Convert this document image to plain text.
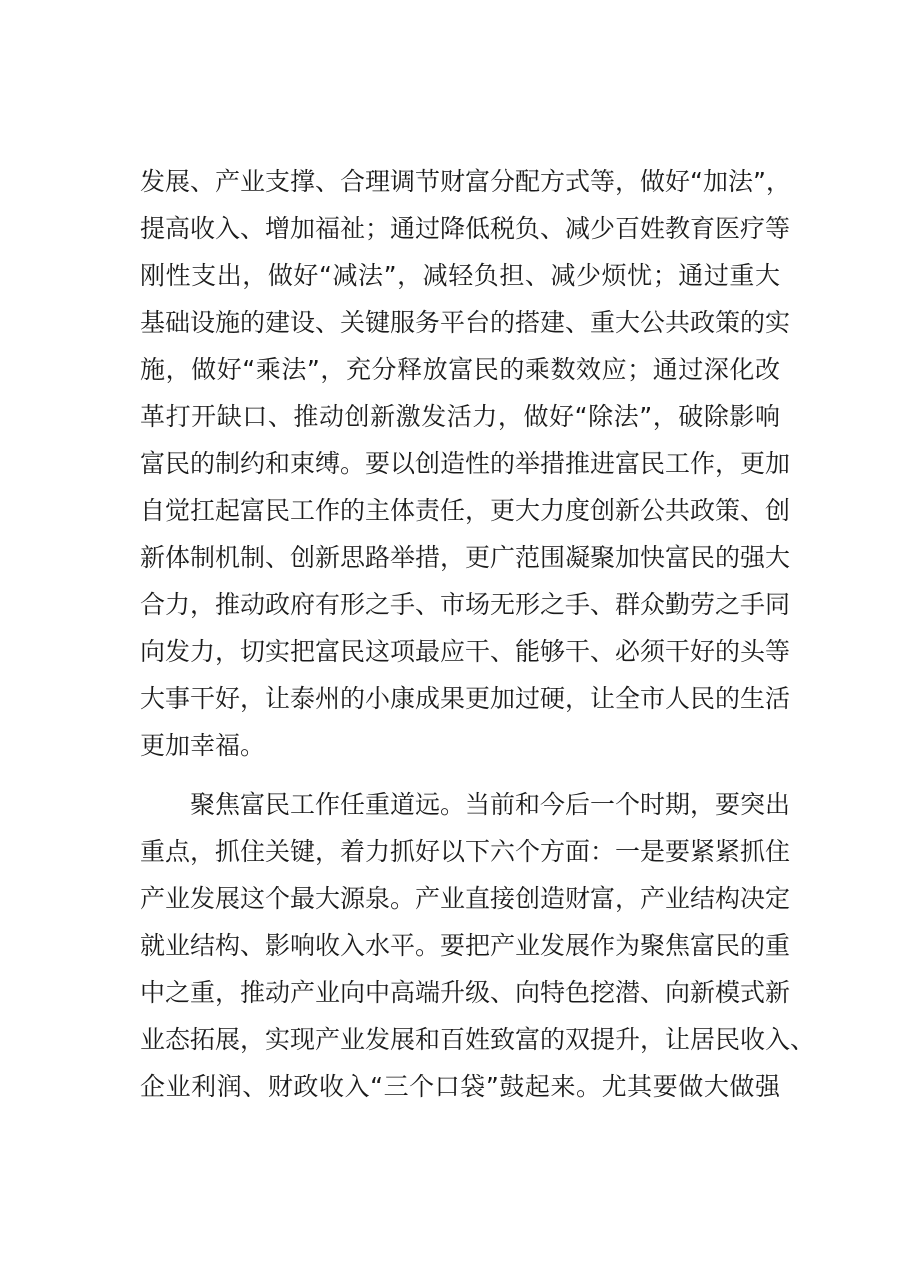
发展、产业支撑、合理调节财富分配方式等，做好“加法”，
提高收入、增加福祉；通过降低税负、减少百姓教育医疗等
刚性支出，做好“减法”，减轻负担、减少烦忧；通过重大
基础设施的建设、关键服务平台的搭建、重大公共政策的实
施，做好“乘法”，充分释放富民的乘数效应；通过深化改
革打开缺口、推动创新激发活力，做好“除法”，破除影响
富民的制约和束缚。要以创造性的举措推进富民工作，更加
自觉扛起富民工作的主体责任，更大力度创新公共政策、创
新体制机制、创新思路举措，更广范围凝聚加快富民的强大
合力，推动政府有形之手、市场无形之手、群众勤劳之手同
向发力，切实把富民这项最应干、能够干、必须干好的头等
大事干好，让泰州的小康成果更加过硬，让全市人民的生活
更加幸福。
聚焦富民工作任重道远。当前和今后一个时期，要突出
重点，抓住关键，着力抓好以下六个方面：一是要紧紧抓住
产业发展这个最大源泉。产业直接创造财富，产业结构决定
就业结构、影响收入水平。要把产业发展作为聚焦富民的重
中之重，推动产业向中高端升级、向特色挖潜、向新模式新
业态拓展，实现产业发展和百姓致富的双提升，让居民收入、
企业利润、财政收入“三个口袋”鼓起来。尤其要做大做强
